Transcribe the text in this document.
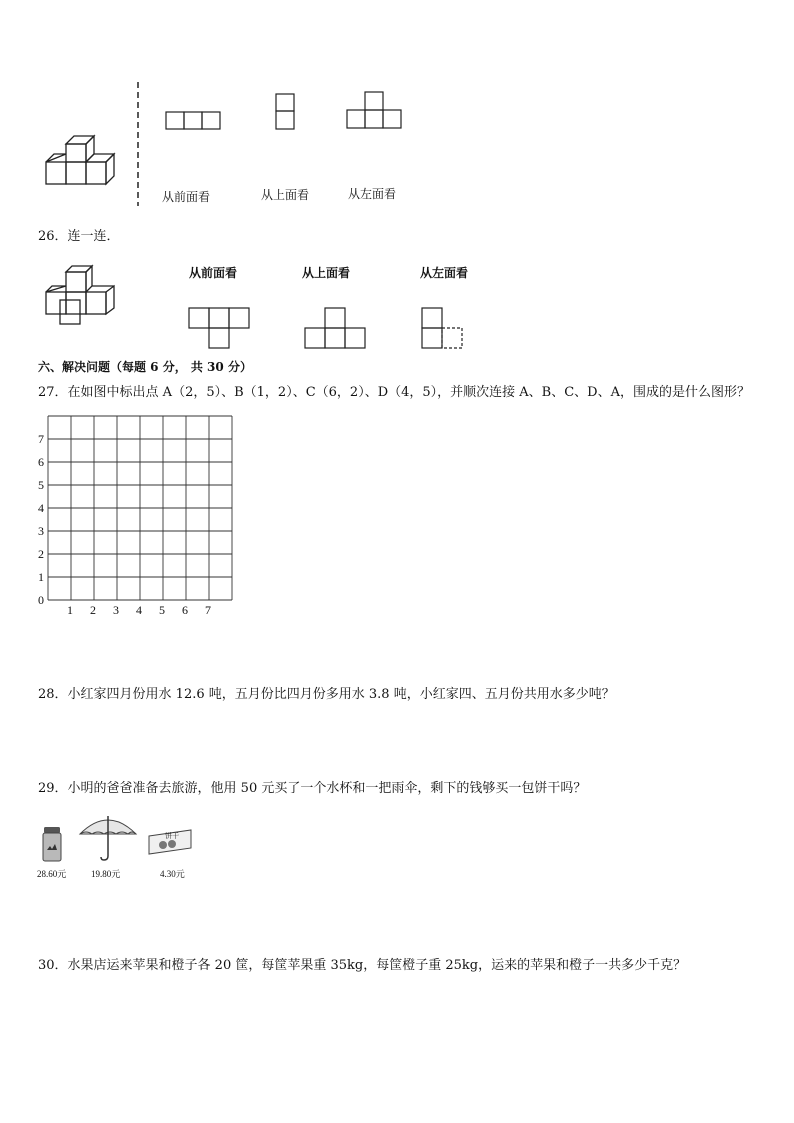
从前面看	从上面看	从左面看
26．连一连．
从前面看	从上面看	从左面看
六、解决问题（每题 6 分， 共 30 分）
27．在如图中标出点 A（2，5）、B（1，2）、C（6，2）、D（4，5），并顺次连接 A、B、C、D、A，围成的是什么图形？
0
1
2
3
4
5
6
7
1 2 3 4 5 6 7
28．小红家四月份用水 12.6 吨，五月份比四月份多用水 3.8 吨，小红家四、五月份共用水多少吨？
29．小明的爸爸准备去旅游，他用 50 元买了一个水杯和一把雨伞，剩下的钱够买一包饼干吗？
饼干
28.60元	19.80元	4.30元
30．水果店运来苹果和橙子各 20 筐，每筐苹果重 35kg，每筐橙子重 25kg，运来的苹果和橙子一共多少千克？
